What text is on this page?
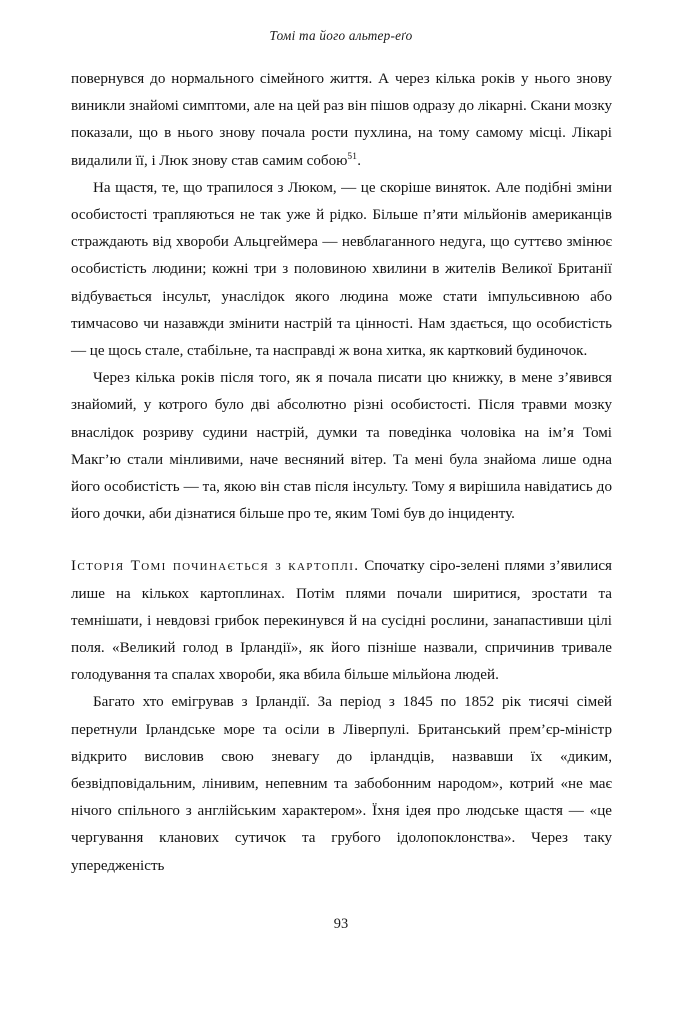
Томі та його альтер-еґо

повернувся до нормального сімейного життя. А через кілька років у нього знову виникли знайомі симптоми, але на цей раз він пішов одразу до лікарні. Скани мозку показали, що в нього знову почала рости пухлина, на тому самому місці. Лікарі видалили її, і Люк знову став самим собою$^{51}$.

На щастя, те, що трапилося з Люком, — це скоріше виняток. Але подібні зміни особистості трапляються не так уже й рідко. Більше п’яти мільйонів американців страждають від хвороби Альцгеймера — невблаганного недуга, що суттєво змінює особистість людини; кожні три з половиною хвилини в жителів Великої Британії відбувається інсульт, унаслідок якого людина може стати імпульсивною або тимчасово чи назавжди змінити настрій та цінності. Нам здається, що особистість — це щось стале, стабільне, та насправді ж вона хитка, як картковий будиночок.

Через кілька років після того, як я почала писати цю книжку, в мене з’явився знайомий, у котрого було дві абсолютно різні особистості. Після травми мозку внаслідок розриву судини настрій, думки та поведінка чоловіка на ім’я Томі Макг’ю стали мінливими, наче весняний вітер. Та мені була знайома лише одна його особистість — та, якою він став після інсульту. Тому я вирішила навідатись до його дочки, аби дізнатися більше про те, яким Томі був до інциденту.

Історія Томі починається з картоплі. Спочатку сіро-зелені плями з’явилися лише на кількох картоплинах. Потім плями почали ширитися, зростати та темнішати, і невдовзі грибок перекинувся й на сусідні рослини, занапастивши цілі поля. «Великий голод в Ірландії», як його пізніше назвали, спричинив тривале голодування та спалах хвороби, яка вбила більше мільйона людей.

Багато хто емігрував з Ірландії. За період з 1845 по 1852 рік тисячі сімей перетнули Ірландське море та осіли в Ліверпулі. Британський прем’єр-міністр відкрито висловив свою зневагу до ірландців, назвавши їх «диким, безвідповідальним, лінивим, непевним та забобонним народом», котрий «не має нічого спільного з англійським характером». Їхня ідея про людське щастя — «це чергування кланових сутичок та грубого ідолопоклонства». Через таку упередженість

93
